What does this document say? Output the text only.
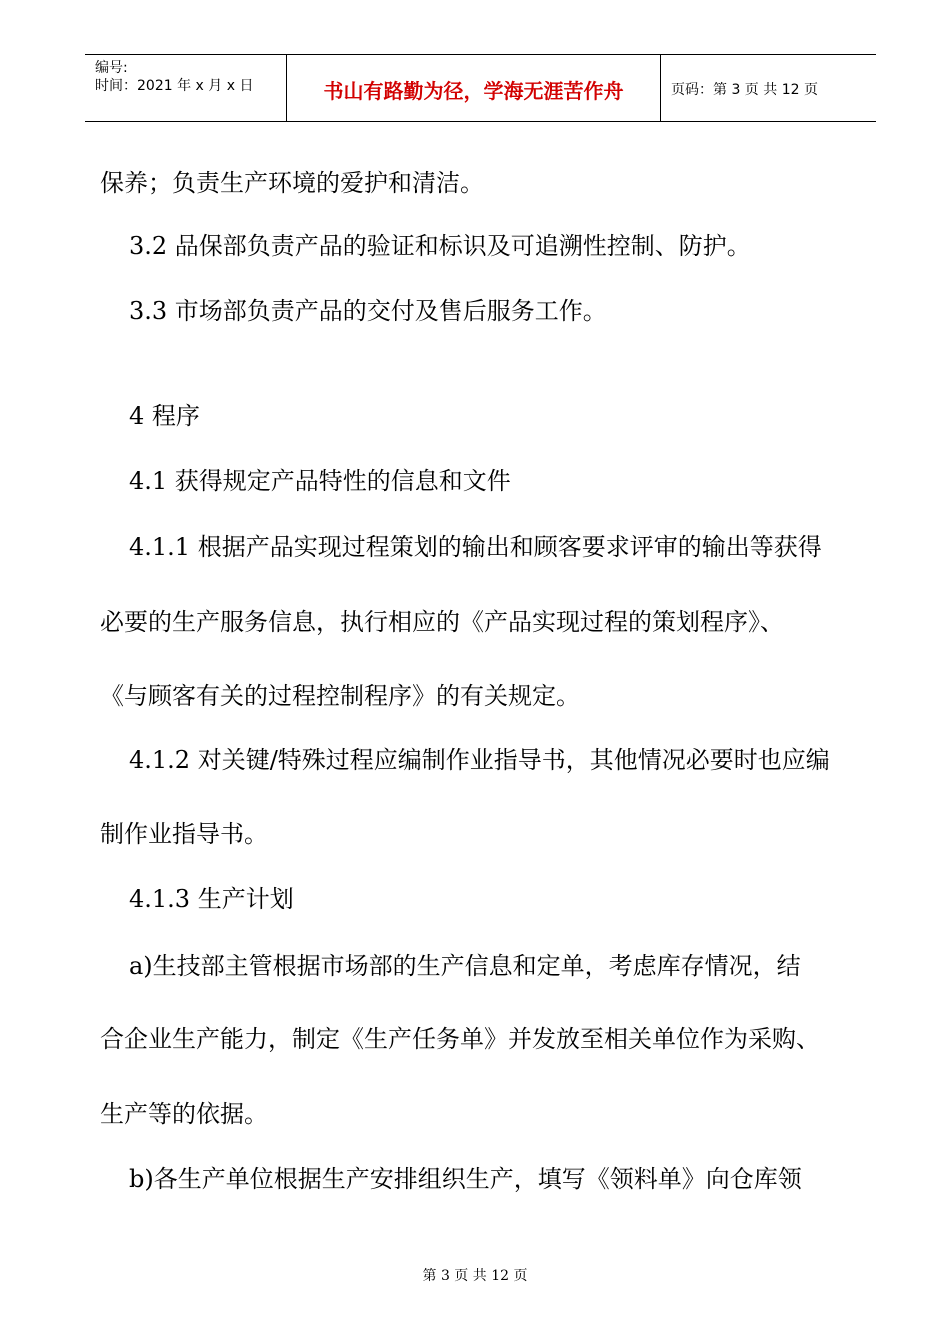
编号:
时间：2021 年 x 月 x 日	书山有路勤为径，学海无涯苦作舟	页码：第 3 页 共 12 页
保养；负责生产环境的爱护和清洁。
3.2 品保部负责产品的验证和标识及可追溯性控制、防护。
3.3 市场部负责产品的交付及售后服务工作。
4 程序
4.1 获得规定产品特性的信息和文件
4.1.1 根据产品实现过程策划的输出和顾客要求评审的输出等获得
必要的生产服务信息，执行相应的《产品实现过程的策划程序》、
《与顾客有关的过程控制程序》的有关规定。
4.1.2 对关键/特殊过程应编制作业指导书，其他情况必要时也应编
制作业指导书。
4.1.3 生产计划
a)生技部主管根据市场部的生产信息和定单，考虑库存情况，结
合企业生产能力，制定《生产任务单》并发放至相关单位作为采购、
生产等的依据。
b)各生产单位根据生产安排组织生产，填写《领料单》向仓库领
第 3 页 共 12 页
